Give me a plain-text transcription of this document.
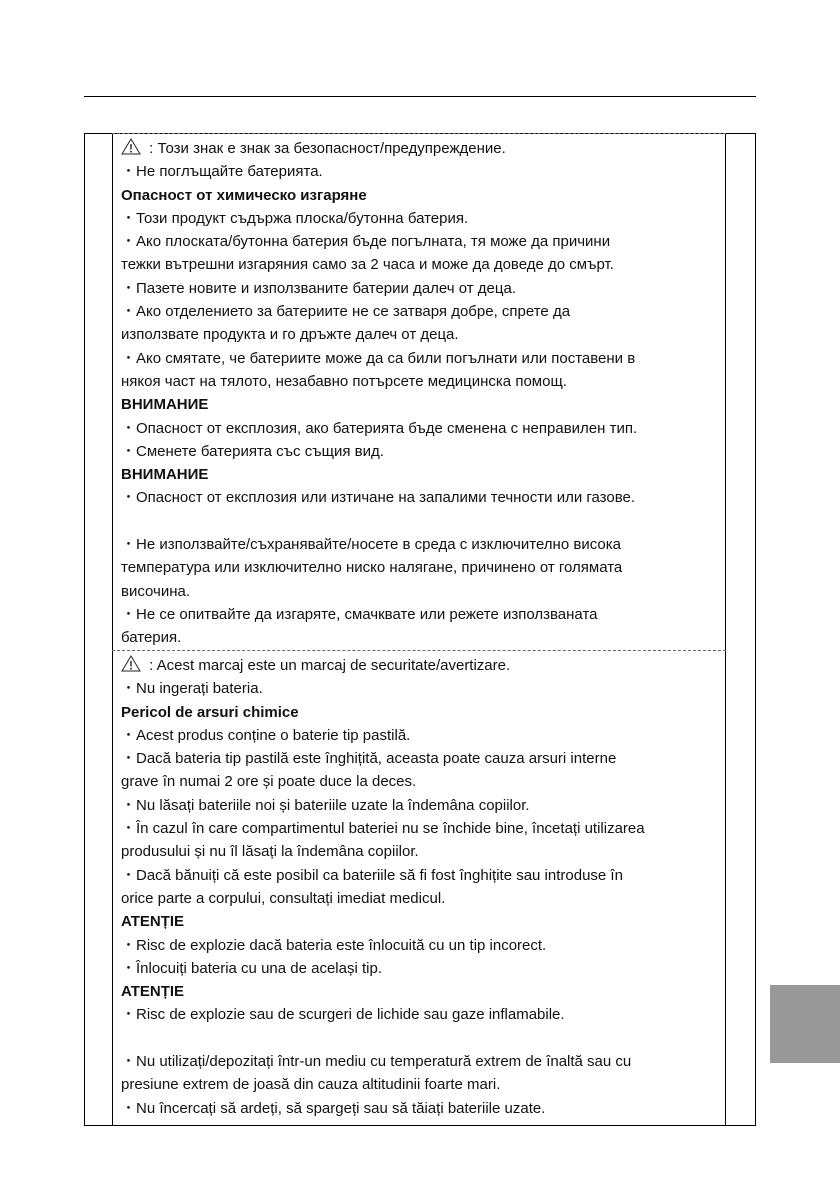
: Този знак е знак за безопасност/предупреждение.
・Не поглъщайте батерията.
Опасност от химическо изгаряне
・Този продукт съдържа плоска/бутонна батерия.
・Ако плоската/бутонна батерия бъде погълната, тя може да причини
тежки вътрешни изгаряния само за 2 часа и може да доведе до смърт.
・Пазете новите и използваните батерии далеч от деца.
・Ако отделението за батериите не се затваря добре, спрете да
използвате продукта и го дръжте далеч от деца.
・Ако смятате, че батериите може да са били погълнати или поставени в
някоя част на тялото, незабавно потърсете медицинска помощ.
ВНИМАНИЕ
・Опасност от експлозия, ако батерията бъде сменена с неправилен тип.
・Сменете батерията със същия вид.
ВНИМАНИЕ
・Опасност от експлозия или изтичане на запалими течности или газове.
・Не използвайте/съхранявайте/носете в среда с изключително висока
температура или изключително ниско налягане, причинено от голямата
височина.
・Не се опитвайте да изгаряте, смачквате или режете използваната
батерия.
: Acest marcaj este un marcaj de securitate/avertizare.
・Nu ingerați bateria.
Pericol de arsuri chimice
・Acest produs conține o baterie tip pastilă.
・Dacă bateria tip pastilă este înghițită, aceasta poate cauza arsuri interne
grave în numai 2 ore și poate duce la deces.
・Nu lăsați bateriile noi și bateriile uzate la îndemâna copiilor.
・În cazul în care compartimentul bateriei nu se închide bine, încetați utilizarea
produsului și nu îl lăsați la îndemâna copiilor.
・Dacă bănuiți că este posibil ca bateriile să fi fost înghițite sau introduse în
orice parte a corpului, consultați imediat medicul.
ATENȚIE
・Risc de explozie dacă bateria este înlocuită cu un tip incorect.
・Înlocuiți bateria cu una de același tip.
ATENȚIE
・Risc de explozie sau de scurgeri de lichide sau gaze inflamabile.
・Nu utilizați/depozitați într-un mediu cu temperatură extrem de înaltă sau cu
presiune extrem de joasă din cauza altitudinii foarte mari.
・Nu încercați să ardeți, să spargeți sau să tăiați bateriile uzate.
